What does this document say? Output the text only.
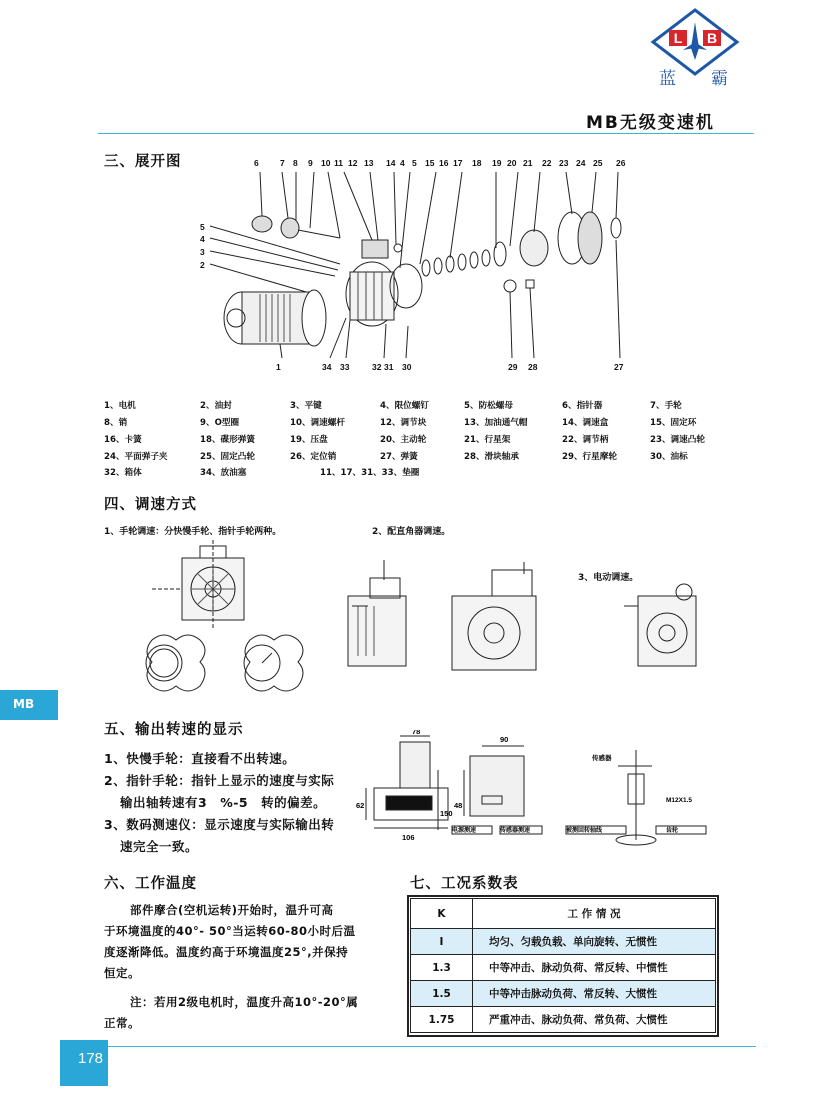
L B
蓝 霸
MB无级变速机
三、展开图	6	7 8 9 10 11 12 13 14 4 5 15 16 17 18 19 20 21 22 23 24 25 26
5
4
3
2
1	34 33	32 31 30	29 28	27
1、电机	2、油封	3、平键	4、限位螺钉	5、防松螺母	6、指针器	7、手轮
8、销	9、O型圈	10、调速螺杆	12、调节块	13、加油通气帽	14、调速盒	15、固定环
16、卡簧	18、碟形弹簧	19、压盘	20、主动轮	21、行星架	22、调节柄	23、调速凸轮
24、平面弹子夹	25、固定凸轮	26、定位销	27、弹簧	28、滑块轴承	29、行星摩轮	30、油标
32、箱体	34、放油塞	11、17、31、33、垫圈
四、调速方式
1、手轮调速：分快慢手轮、指针手轮两种。	2、配直角器调速。
3、电动调速。
五、输出转速的显示
1、快慢手轮：直接看不出转速。
2、指针手轮：指针上显示的速度与实际
输出轴转速有3　%-5　转的偏差。
3、数码测速仪：显示速度与实际输出转
速完全一致。
78
90
62
106
150
48
M12X1.5
传感器
电源测速	传感器测速	被测回转轴线	齿轮
六、工作温度
部件摩合(空机运转)开始时，温升可高
于环境温度的40°- 50°当运转60-80小时后温
度逐渐降低。温度约高于环境温度25°,并保持
恒定。
注：若用2级电机时，温度升高10°-20°属
正常。
七、工况系数表
K	工 作 情 况
I	均匀、匀载负载、单向旋转、无惯性
1.3	中等冲击、脉动负荷、常反转、中惯性
1.5	中等冲击脉动负荷、常反转、大惯性
1.75	严重冲击、脉动负荷、常负荷、大惯性
MB
178
